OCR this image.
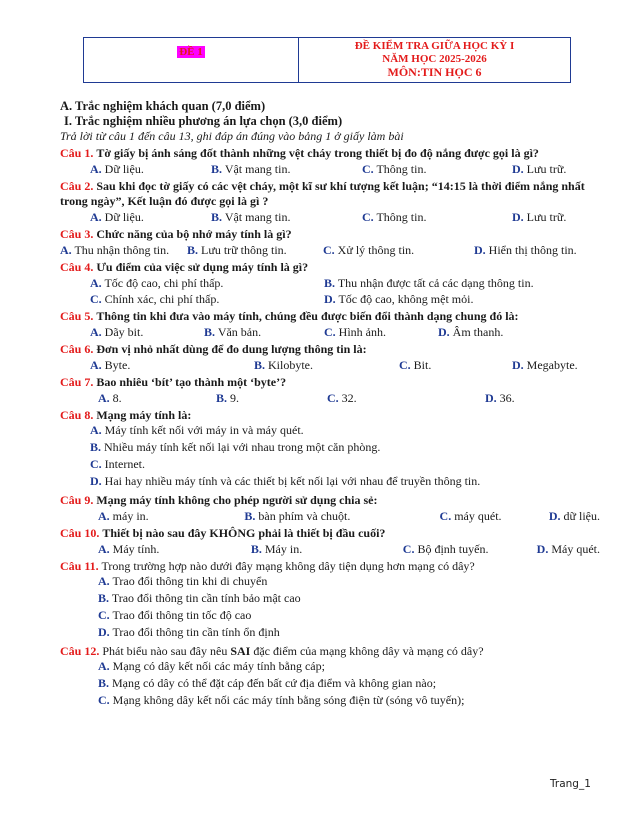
ĐỀ 1	ĐỀ KIỂM TRA GIỮA HỌC KỲ I
NĂM HỌC 2025-2026
MÔN:TIN HỌC 6
A. Trắc nghiệm khách quan (7,0 điểm)
I. Trắc nghiệm nhiều phương án lựa chọn (3,0 điểm)
Trả lời từ câu 1 đến câu 13, ghi đáp án đúng vào bảng 1 ở giấy làm bài
Câu 1. Tờ giấy bị ánh sáng đốt thành những vệt cháy trong thiết bị đo độ nắng được gọi là gì?
A. Dữ liệu.	B. Vật mang tin.	C. Thông tin.	D. Lưu trữ.
Câu 2. Sau khi đọc tờ giấy có các vệt cháy, một kĩ sư khí tượng kết luận; “14:15 là thời điểm nắng nhất trong ngày”, Kết luận đó được gọi là gì ?
A. Dữ liệu.	B. Vật mang tin.	C. Thông tin.	D. Lưu trữ.
Câu 3. Chức năng của bộ nhớ máy tính là gì?
A. Thu nhận thông tin.	B. Lưu trữ thông tin.	C. Xử lý thông tin.	D. Hiển thị thông tin.
Câu 4. Ưu điểm của việc sử dụng máy tính là gì?
A. Tốc độ cao, chi phí thấp.	B. Thu nhận được tất cả các dạng thông tin.
C. Chính xác, chi phí thấp.	D. Tốc độ cao, không mệt mỏi.
Câu 5. Thông tin khi đưa vào máy tính, chúng đều được biến đổi thành dạng chung đó là:
A. Dãy bit.	B. Văn bản.	C. Hình ảnh.	D. Âm thanh.
Câu 6. Đơn vị nhỏ nhất dùng để đo dung lượng thông tin là:
A. Byte.	B. Kilobyte.	C. Bit.	D. Megabyte.
Câu 7. Bao nhiêu ‘bít’ tạo thành một ‘byte’?
A. 8.	B. 9.	C. 32.	D. 36.
Câu 8. Mạng máy tính là:
A. Máy tính kết nối với máy in và máy quét.
B. Nhiều máy tính kết nối lại với nhau trong một căn phòng.
C. Internet.
D. Hai hay nhiều máy tính và các thiết bị kết nối lại với nhau để truyền thông tin.
Câu 9. Mạng máy tính không cho phép người sử dụng chia sẻ:
A. máy in.	B. bàn phím và chuột.	C. máy quét.	D. dữ liệu.
Câu 10. Thiết bị nào sau đây KHÔNG phải là thiết bị đầu cuối?
A. Máy tính.	B. Máy in.	C. Bộ định tuyến.	D. Máy quét.
Câu 11. Trong trường hợp nào dưới đây mạng không dây tiện dụng hơn mạng có dây?
A. Trao đổi thông tin khi di chuyển
B. Trao đổi thông tin cần tính bảo mật cao
C. Trao đổi thông tin tốc độ cao
D. Trao đổi thông tin cần tính ổn định
Câu 12. Phát biểu nào sau đây nêu SAI đặc điểm của mạng không dây và mạng có dây?
A. Mạng có dây kết nối các máy tính bằng cáp;
B. Mạng có dây có thể đặt cáp đến bất cứ địa điểm và không gian nào;
C. Mạng không dây kết nối các máy tính bằng sóng điện từ (sóng vô tuyến);
Trang_1
